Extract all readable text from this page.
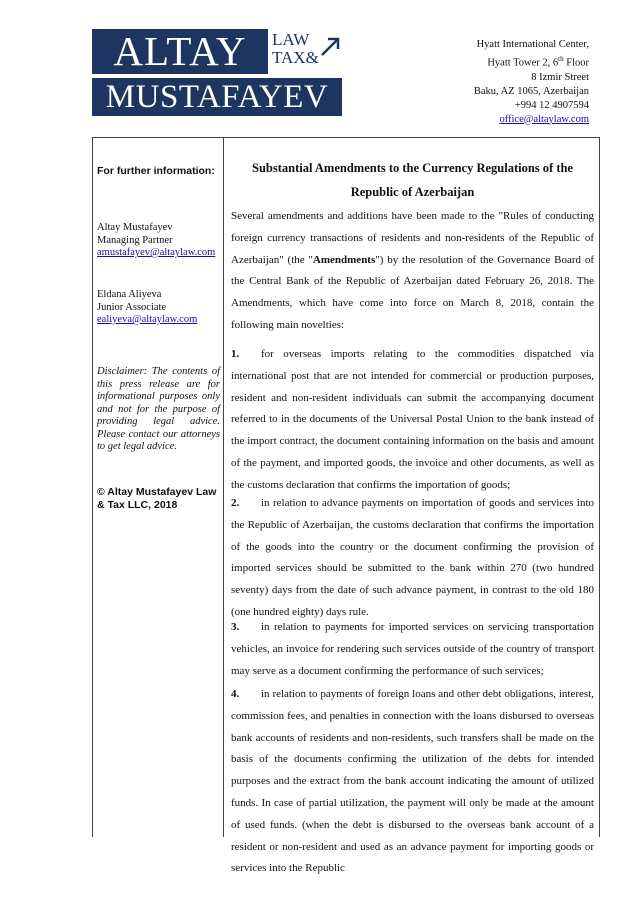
ALTAY	LAW
TAX&
MUSTAFAYEV
Hyatt International Center,
Hyatt Tower 2, 6th Floor
8 Izmir Street
Baku, AZ 1065, Azerbaijan
+994 12 4907594
office@altaylaw.com
For further information:
Altay Mustafayev
Managing Partner
amustafayev@altaylaw.com
Eldana Aliyeva
Junior Associate
ealiyeva@altaylaw.com
Disclaimer: The contents of this press release are for informational purposes only and not for the purpose of providing legal advice. Please contact our attorneys to get legal advice.
© Altay Mustafayev Law & Tax LLC, 2018
Substantial Amendments to the Currency Regulations of the Republic of Azerbaijan
Several amendments and additions have been made to the "Rules of conducting foreign currency transactions of residents and non-residents of the Republic of Azerbaijan" (the "Amendments") by the resolution of the Governance Board of the Central Bank of the Republic of Azerbaijan dated February 26, 2018. The Amendments, which have come into force on March 8, 2018, contain the following main novelties:
1. for overseas imports relating to the commodities dispatched via international post that are not intended for commercial or production purposes, resident and non-resident individuals can submit the accompanying document referred to in the documents of the Universal Postal Union to the bank instead of the import contract, the document containing information on the basis and amount of the payment, and imported goods, the invoice and other documents, as well as the customs declaration that confirms the importation of goods;
2. in relation to advance payments on importation of goods and services into the Republic of Azerbaijan, the customs declaration that confirms the importation of the goods into the country or the document confirming the provision of imported services should be submitted to the bank within 270 (two hundred seventy) days from the date of such advance payment, in contrast to the old 180 (one hundred eighty) days rule.
3. in relation to payments for imported services on servicing transportation vehicles, an invoice for rendering such services outside of the country of transport may serve as a document confirming the performance of such services;
4. in relation to payments of foreign loans and other debt obligations, interest, commission fees, and penalties in connection with the loans disbursed to overseas bank accounts of residents and non-residents, such transfers shall be made on the basis of the documents confirming the utilization of the debts for intended purposes and the extract from the bank account indicating the amount of utilized funds. In case of partial utilization, the payment will only be made at the amount of used funds. (when the debt is disbursed to the overseas bank account of a resident or non-resident and used as an advance payment for importing goods or services into the Republic
